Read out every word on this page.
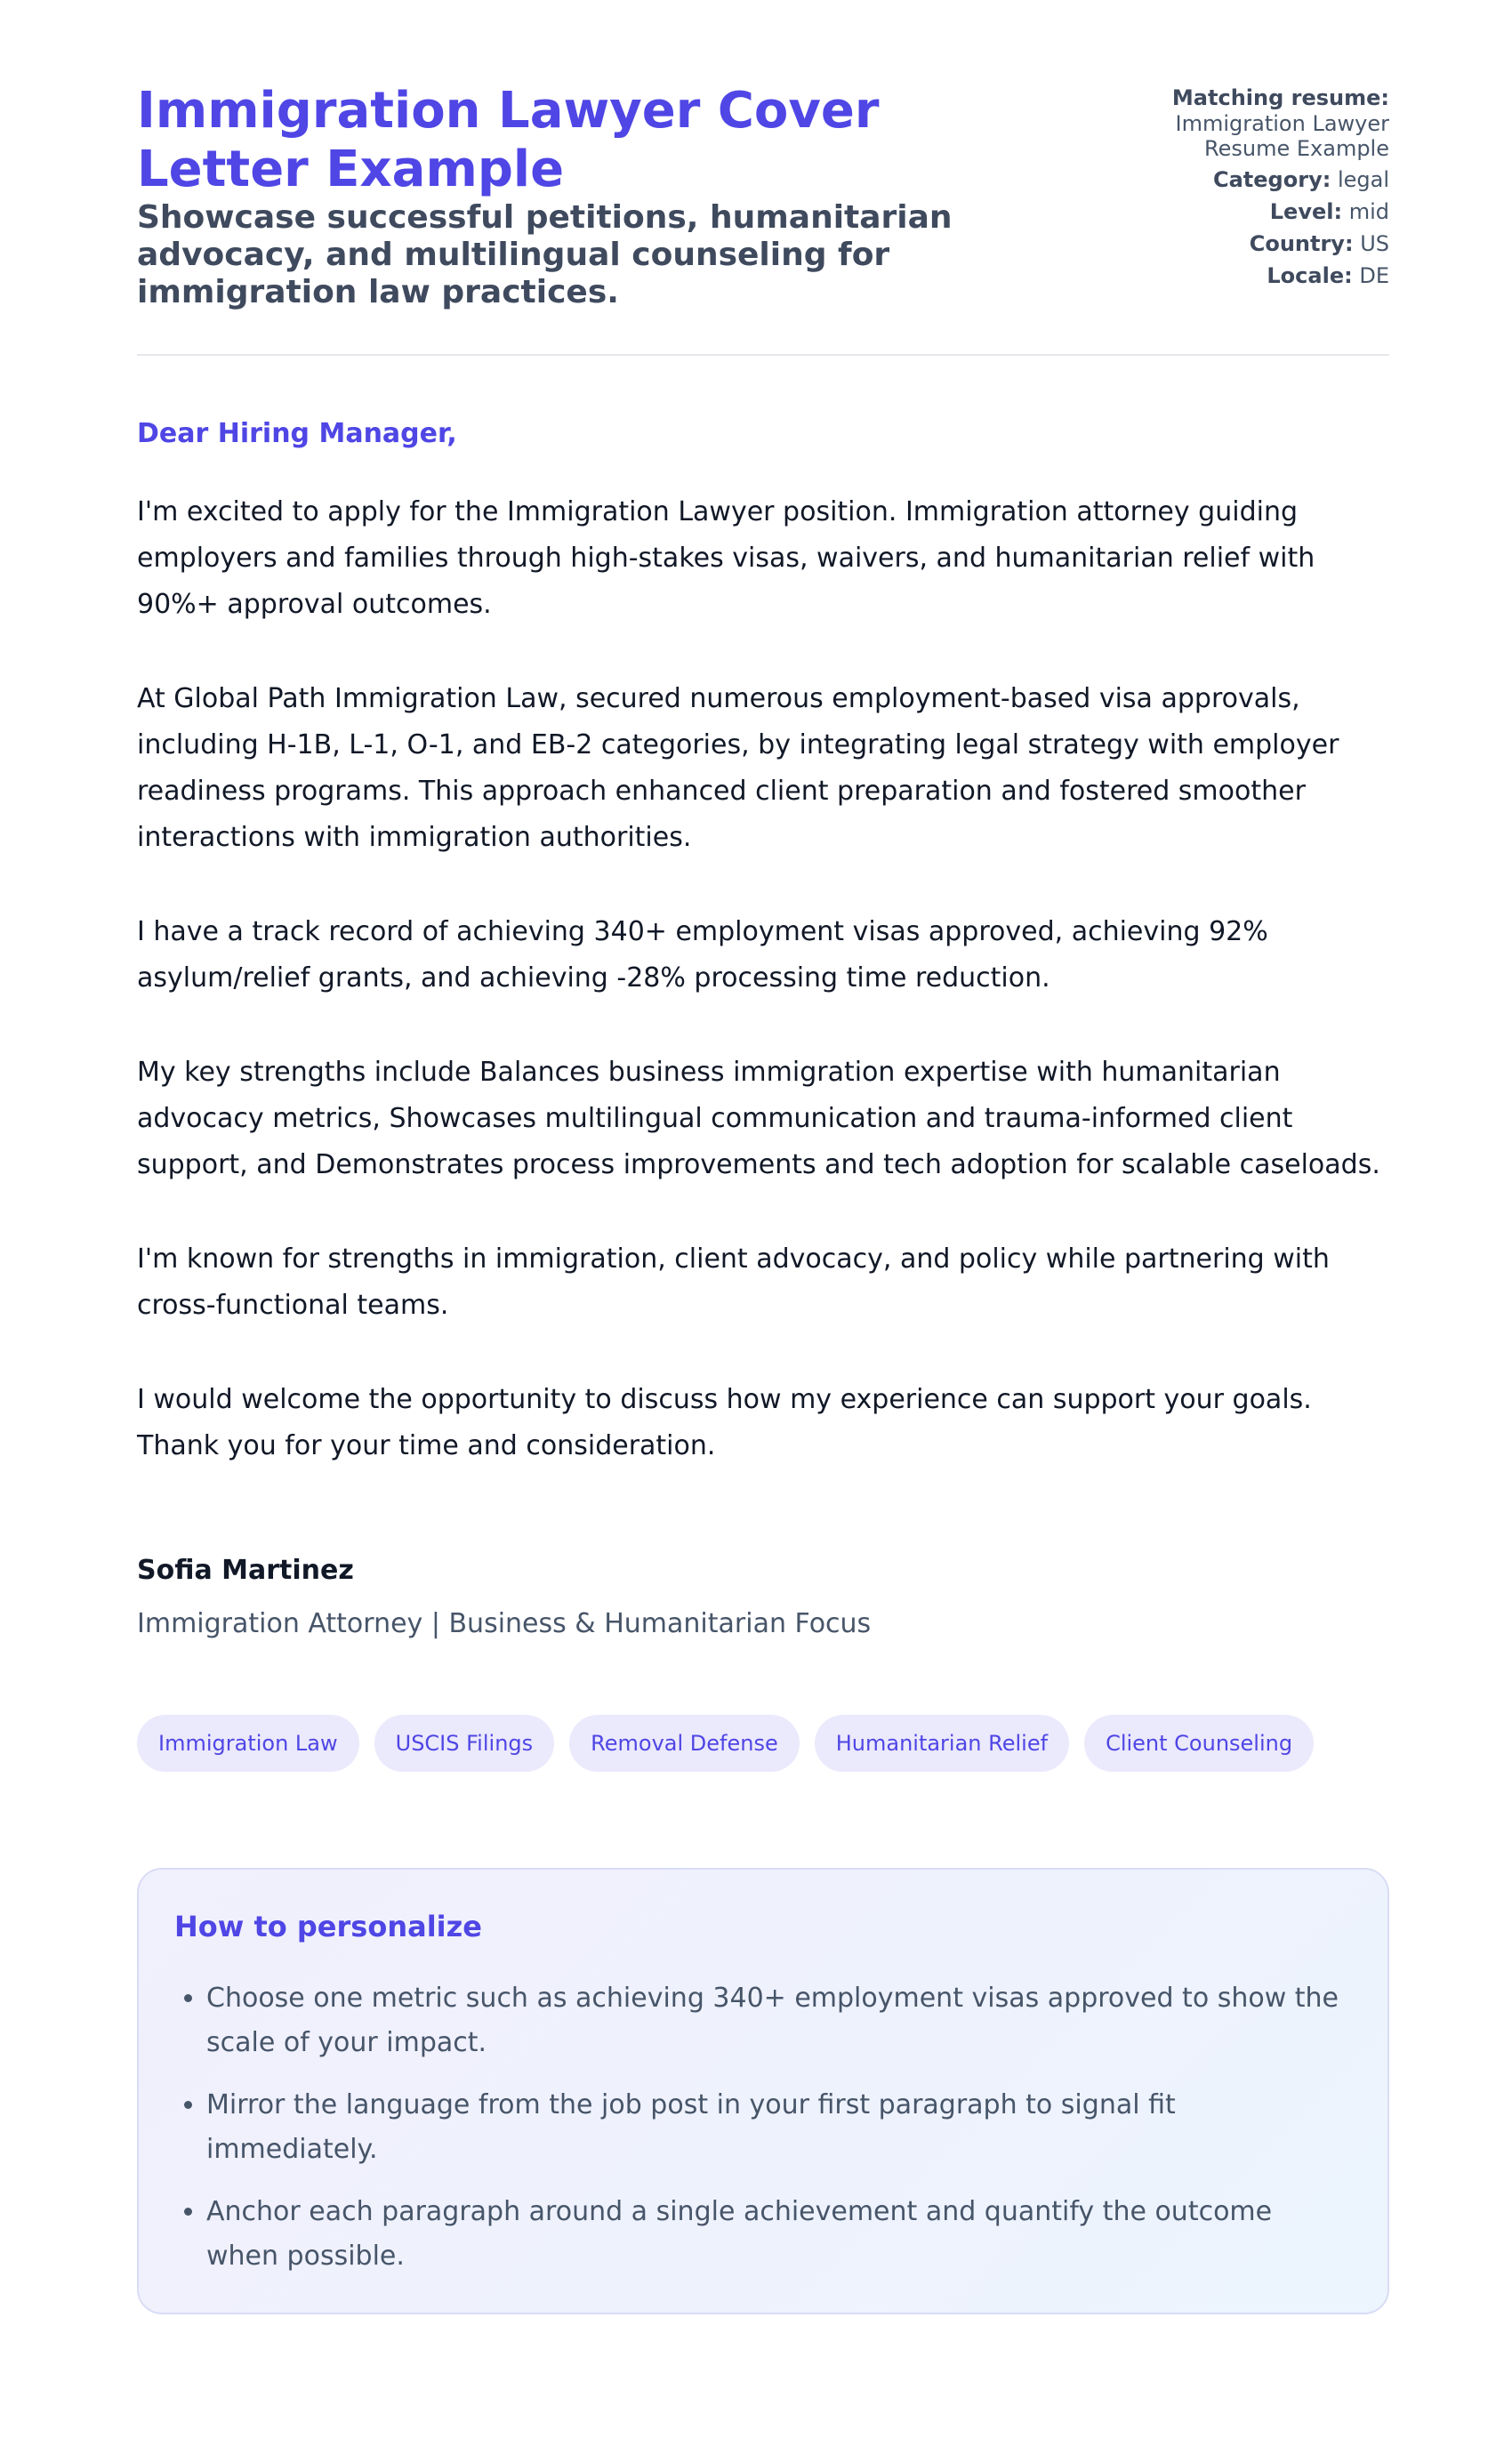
Immigration Lawyer Cover Letter Example

Showcase successful petitions, humanitarian advocacy, and multilingual counseling for immigration law practices.

Matching resume:
Immigration Lawyer Resume Example
Category: legal
Level: mid
Country: US
Locale: DE
Dear Hiring Manager,

I'm excited to apply for the Immigration Lawyer position. Immigration attorney guiding employers and families through high-stakes visas, waivers, and humanitarian relief with 90%+ approval outcomes.

At Global Path Immigration Law, secured numerous employment-based visa approvals, including H-1B, L-1, O-1, and EB-2 categories, by integrating legal strategy with employer readiness programs. This approach enhanced client preparation and fostered smoother interactions with immigration authorities.

I have a track record of achieving 340+ employment visas approved, achieving 92% asylum/relief grants, and achieving -28% processing time reduction.

My key strengths include Balances business immigration expertise with humanitarian advocacy metrics, Showcases multilingual communication and trauma-informed client support, and Demonstrates process improvements and tech adoption for scalable caseloads.

I'm known for strengths in immigration, client advocacy, and policy while partnering with cross-functional teams.

I would welcome the opportunity to discuss how my experience can support your goals. Thank you for your time and consideration.

Sofia Martinez
Immigration Attorney | Business & Humanitarian Focus
Immigration Law	USCIS Filings	Removal Defense	Humanitarian Relief	Client Counseling
How to personalize
• Choose one metric such as achieving 340+ employment visas approved to show the scale of your impact.
• Mirror the language from the job post in your first paragraph to signal fit immediately.
• Anchor each paragraph around a single achievement and quantify the outcome when possible.
